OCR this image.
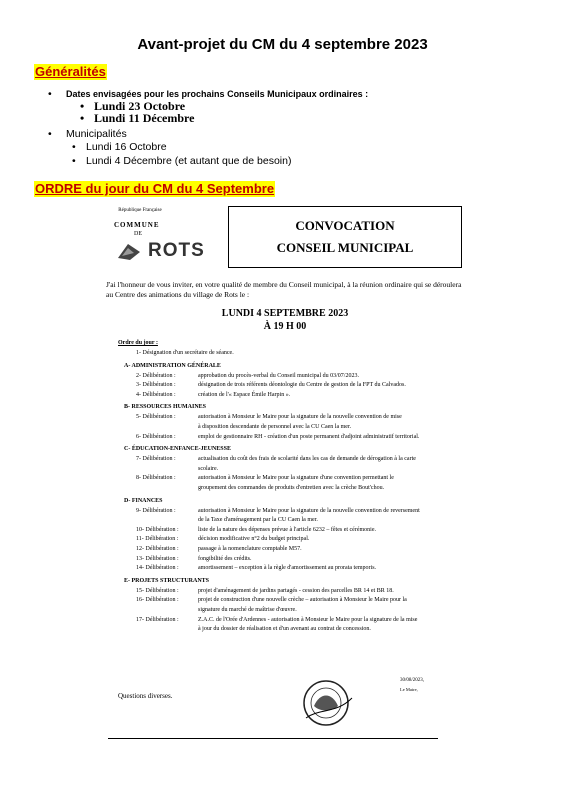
Avant-projet du CM du 4 septembre 2023
Généralités
• Dates envisagées pour les prochains Conseils Municipaux ordinaires :
• Lundi 23 Octobre
• Lundi 11 Décembre
• Municipalités
• Lundi 16 Octobre
• Lundi 4 Décembre (et autant que de besoin)
ORDRE du jour du CM du 4 Septembre
République Française
COMMUNE
DE
ROTS
CONVOCATION
CONSEIL MUNICIPAL
J'ai l'honneur de vous inviter, en votre qualité de membre du Conseil municipal, à la réunion ordinaire qui se déroulera au Centre des animations du village de Rots le :
LUNDI 4 SEPTEMBRE 2023
À 19 H 00
Ordre du jour :
1- Désignation d'un secrétaire de séance.
A- ADMINISTRATION GÉNÉRALE
2- Délibération :	approbation du procès-verbal du Conseil municipal du 03/07/2023.
3- Délibération :	désignation de trois référents déontologie du Centre de gestion de la FPT du Calvados.
4- Délibération :	création de l'« Espace Émile Harpin ».
B- RESSOURCES HUMAINES
5- Délibération :	autorisation à Monsieur le Maire pour la signature de la nouvelle convention de mise
à disposition descendante de personnel avec la CU Caen la mer.
6- Délibération :	emploi de gestionnaire RH - création d'un poste permanent d'adjoint administratif territorial.
C- ÉDUCATION-ENFANCE-JEUNESSE
7- Délibération :	actualisation du coût des frais de scolarité dans les cas de demande de dérogation à la carte
scolaire.
8- Délibération :	autorisation à Monsieur le Maire pour la signature d'une convention permettant le
groupement des commandes de produits d'entretien avec la crèche Bout'chou.
D- FINANCES
9- Délibération :	autorisation à Monsieur le Maire pour la signature de la nouvelle convention de reversement
de la Taxe d'aménagement par la CU Caen la mer.
10- Délibération :	liste de la nature des dépenses prévue à l'article 6232 – fêtes et cérémonie.
11- Délibération :	décision modificative n°2 du budget principal.
12- Délibération :	passage à la nomenclature comptable M57.
13- Délibération :	fongibilité des crédits.
14- Délibération :	amortissement – exception à la règle d'amortissement au prorata temporis.
E- PROJETS STRUCTURANTS
15- Délibération :	projet d'aménagement de jardins partagés - cession des parcelles BR 14 et BR 18.
16- Délibération :	projet de construction d'une nouvelle crèche – autorisation à Monsieur le Maire pour la
signature du marché de maîtrise d'œuvre.
17- Délibération :	Z.A.C. de l'Orée d'Ardennes - autorisation à Monsieur le Maire pour la signature de la mise
à jour du dossier de réalisation et d'un avenant au contrat de concession.
Questions diverses.
30/08/2023,
Le Maire,
